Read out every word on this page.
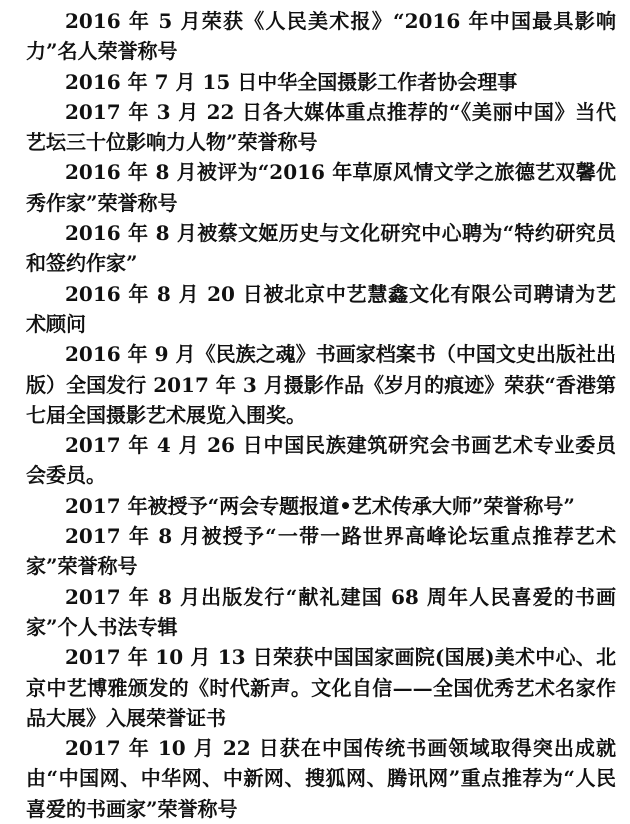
2016 年 5 月荣获《人民美术报》“2016 年中国最具影响力”名人荣誉称号

2016 年 7 月 15 日中华全国摄影工作者协会理事

2017 年 3 月 22 日各大媒体重点推荐的“《美丽中国》当代艺坛三十位影响力人物”荣誉称号

2016 年 8 月被评为“2016 年草原风情文学之旅德艺双馨优秀作家”荣誉称号

2016 年 8 月被蔡文姬历史与文化研究中心聘为“特约研究员和签约作家”

2016 年 8 月 20 日被北京中艺慧鑫文化有限公司聘请为艺术顾问

2016 年 9 月《民族之魂》书画家档案书（中国文史出版社出版）全国发行 2017 年 3 月摄影作品《岁月的痕迹》荣获“香港第七届全国摄影艺术展览入围奖。

2017 年 4 月 26 日中国民族建筑研究会书画艺术专业委员会委员。

2017 年被授予“两会专题报道•艺术传承大师”荣誉称号”

2017 年 8 月被授予“一带一路世界高峰论坛重点推荐艺术家”荣誉称号

2017 年 8 月出版发行“献礼建国 68 周年人民喜爱的书画家”个人书法专辑

2017 年 10 月 13 日荣获中国国家画院(国展)美术中心、北京中艺博雅颁发的《时代新声。文化自信——全国优秀艺术名家作品大展》入展荣誉证书

2017 年 10 月 22 日获在中国传统书画领域取得突出成就由“中国网、中华网、中新网、搜狐网、腾讯网”重点推荐为“人民喜爱的书画家”荣誉称号
